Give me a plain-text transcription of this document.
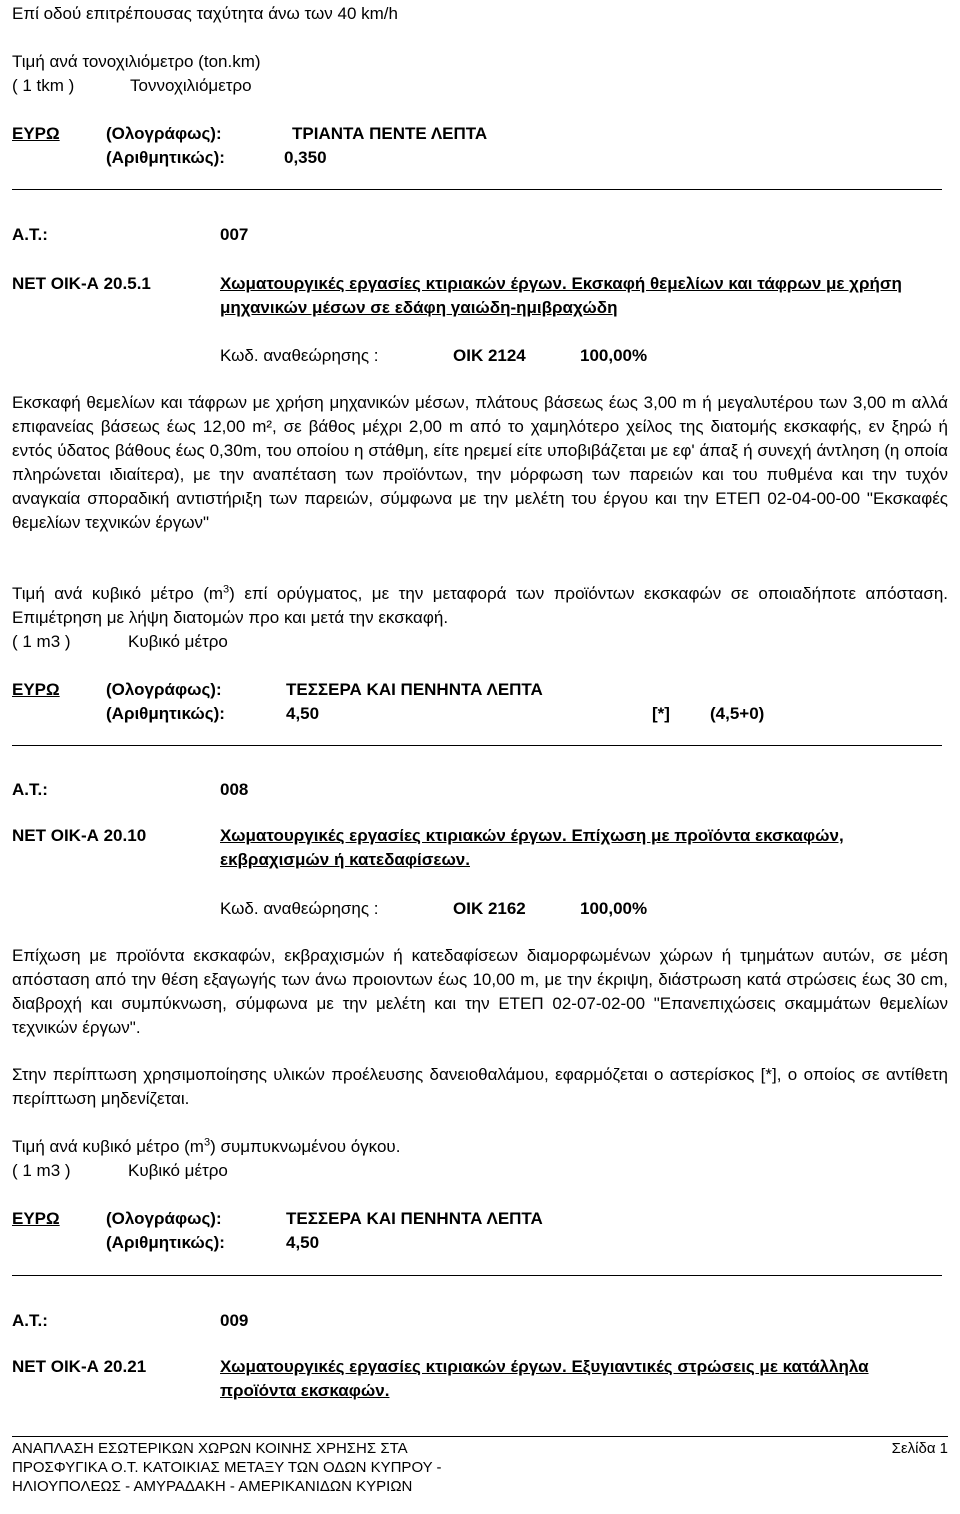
Επί οδού επιτρέπουσας ταχύτητα άνω των 40 km/h
Τιμή ανά τονοχιλιόμετρο (ton.km)
( 1 tkm )	Τοννοχιλιόμετρο
ΕΥΡΩ	(Ολογράφως):	ΤΡΙΑΝΤΑ ΠΕΝΤΕ ΛΕΠΤΑ
(Αριθμητικώς):	0,350
Α.Τ.:	007
ΝΕΤ ΟΙΚ-Α 20.5.1	Χωματουργικές εργασίες κτιριακών έργων. Εκσκαφή θεμελίων και τάφρων με χρήση μηχανικών μέσων σε εδάφη γαιώδη-ημιβραχώδη
Κωδ. αναθεώρησης :	ΟΙΚ 2124	100,00%
Εκσκαφή θεμελίων και τάφρων με χρήση μηχανικών μέσων, πλάτους βάσεως έως 3,00 m ή μεγαλυτέρου των 3,00 m αλλά επιφανείας βάσεως έως 12,00 m², σε βάθος μέχρι 2,00 m από το χαμηλότερο χείλος της διατομής εκσκαφής, εν ξηρώ ή εντός ύδατος βάθους έως 0,30m, του οποίου η στάθμη, είτε ηρεμεί είτε υποβιβάζεται με εφ' άπαξ ή συνεχή άντληση (η οποία πληρώνεται ιδιαίτερα), με την αναπέταση των προϊόντων, την μόρφωση των παρειών και του πυθμένα και την τυχόν αναγκαία σποραδική αντιστήριξη των παρειών, σύμφωνα με την μελέτη του έργου και την ΕΤΕΠ 02-04-00-00 "Εκσκαφές θεμελίων τεχνικών έργων"
Τιμή ανά κυβικό μέτρο $(m^3)$ επί ορύγματος, με την μεταφορά των προϊόντων εκσκαφών σε οποιαδήποτε απόσταση. Επιμέτρηση με λήψη διατομών προ και μετά την εκσκαφή.
( 1 m3 )	Κυβικό μέτρο
ΕΥΡΩ	(Ολογράφως):	ΤΕΣΣΕΡΑ ΚΑΙ ΠΕΝΗΝΤΑ ΛΕΠΤΑ
(Αριθμητικώς):	4,50	[*] (4,5+0)
Α.Τ.:	008
ΝΕΤ ΟΙΚ-Α 20.10	Χωματουργικές εργασίες κτιριακών έργων. Επίχωση με προϊόντα εκσκαφών, εκβραχισμών ή κατεδαφίσεων.
Κωδ. αναθεώρησης :	ΟΙΚ 2162	100,00%
Επίχωση με προϊόντα εκσκαφών, εκβραχισμών ή κατεδαφίσεων διαμορφωμένων χώρων ή τμημάτων αυτών, σε μέση απόσταση από την θέση εξαγωγής των άνω προιοντων έως 10,00 m, με την έκριψη, διάστρωση κατά στρώσεις έως 30 cm, διαβροχή και συμπύκνωση, σύμφωνα με την μελέτη και την ΕΤΕΠ 02-07-02-00 "Επανεπιχώσεις σκαμμάτων θεμελίων τεχνικών έργων".
Στην περίπτωση χρησιμοποίησης υλικών προέλευσης δανειοθαλάμου, εφαρμόζεται ο αστερίσκος [*], ο οποίος σε αντίθετη περίπτωση μηδενίζεται.
Τιμή ανά κυβικό μέτρο $(m^3)$ συμπυκνωμένου όγκου.
( 1 m3 )	Κυβικό μέτρο
ΕΥΡΩ	(Ολογράφως):	ΤΕΣΣΕΡΑ ΚΑΙ ΠΕΝΗΝΤΑ ΛΕΠΤΑ
(Αριθμητικώς):	4,50
Α.Τ.:	009
ΝΕΤ ΟΙΚ-Α 20.21	Χωματουργικές εργασίες κτιριακών έργων. Εξυγιαντικές στρώσεις με κατάλληλα προϊόντα εκσκαφών.
ΑΝΑΠΛΑΣΗ ΕΣΩΤΕΡΙΚΩΝ ΧΩΡΩΝ ΚΟΙΝΗΣ ΧΡΗΣΗΣ ΣΤΑ ΠΡΟΣΦΥΓΙΚΑ Ο.Τ. ΚΑΤΟΙΚΙΑΣ ΜΕΤΑΞΥ ΤΩΝ ΟΔΩΝ ΚΥΠΡΟΥ - ΗΛΙΟΥΠΟΛΕΩΣ - ΑΜΥΡΑΔΑΚΗ - ΑΜΕΡΙΚΑΝΙΔΩΝ ΚΥΡΙΩΝ
Σελίδα 1
